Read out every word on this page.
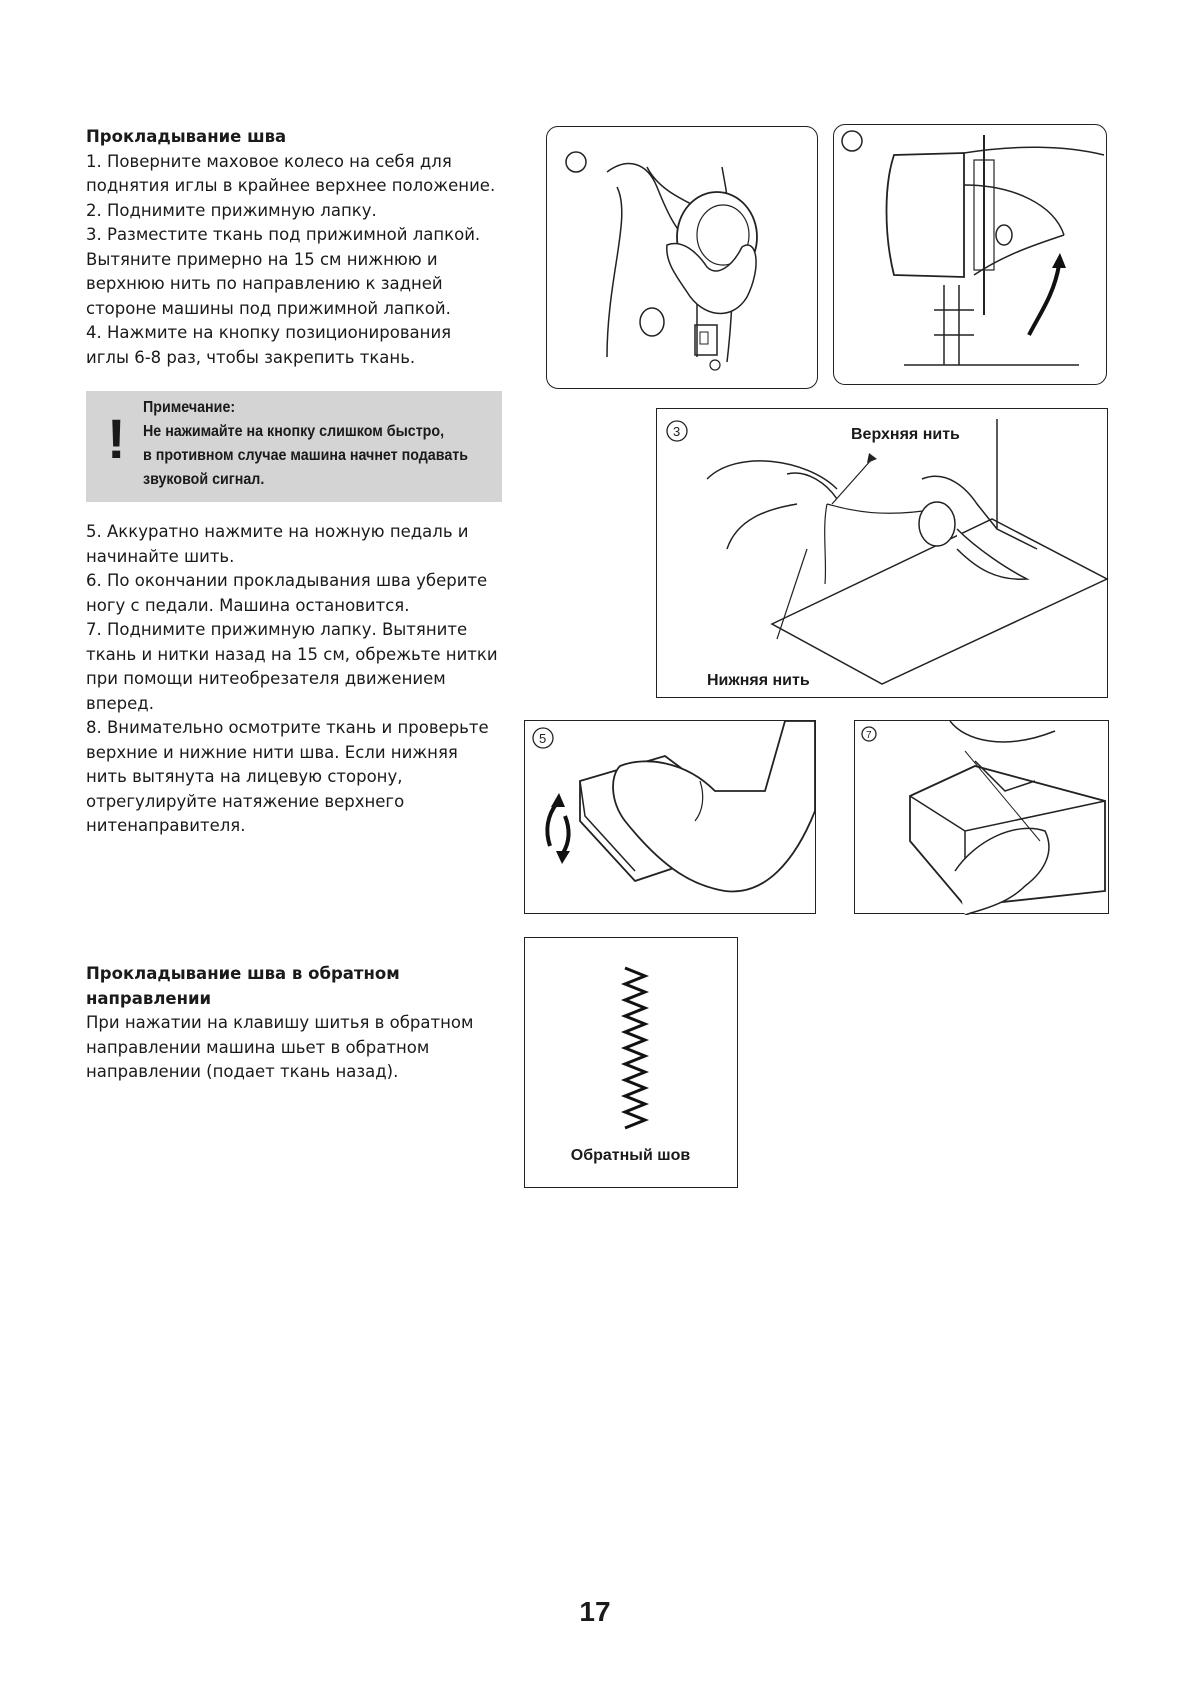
Прокладывание шва

1. Поверните маховое колесо на себя для

поднятия иглы в крайнее верхнее положение.

2. Поднимите прижимную лапку.

3. Разместите ткань под прижимной лапкой.

Вытяните примерно на 15 см нижнюю и

верхнюю нить по направлению к задней

стороне машины под прижимной лапкой.

4. Нажмите на кнопку позиционирования

иглы 6-8 раз, чтобы закрепить ткань.

! Примечание:
Не нажимайте на кнопку слишком быстро,
в противном случае машина начнет подавать
звуковой сигнал.

5. Аккуратно нажмите на ножную педаль и

начинайте шить.

6. По окончании прокладывания шва уберите

ногу с педали. Машина остановится.

7. Поднимите прижимную лапку. Вытяните

ткань и нитки назад на 15 см, обрежьте нитки

при помощи нитеобрезателя движением

вперед.

8. Внимательно осмотрите ткань и проверьте

верхние и нижние нити шва. Если нижняя

нить вытянута на лицевую сторону,

отрегулируйте натяжение верхнего

нитенаправителя.

Прокладывание шва в обратном

направлении

При нажатии на клавишу шитья в обратном

направлении машина шьет в обратном

направлении (подает ткань назад).

3	Верхняя нить
Нижняя нить
5	7
Обратный шов
17
